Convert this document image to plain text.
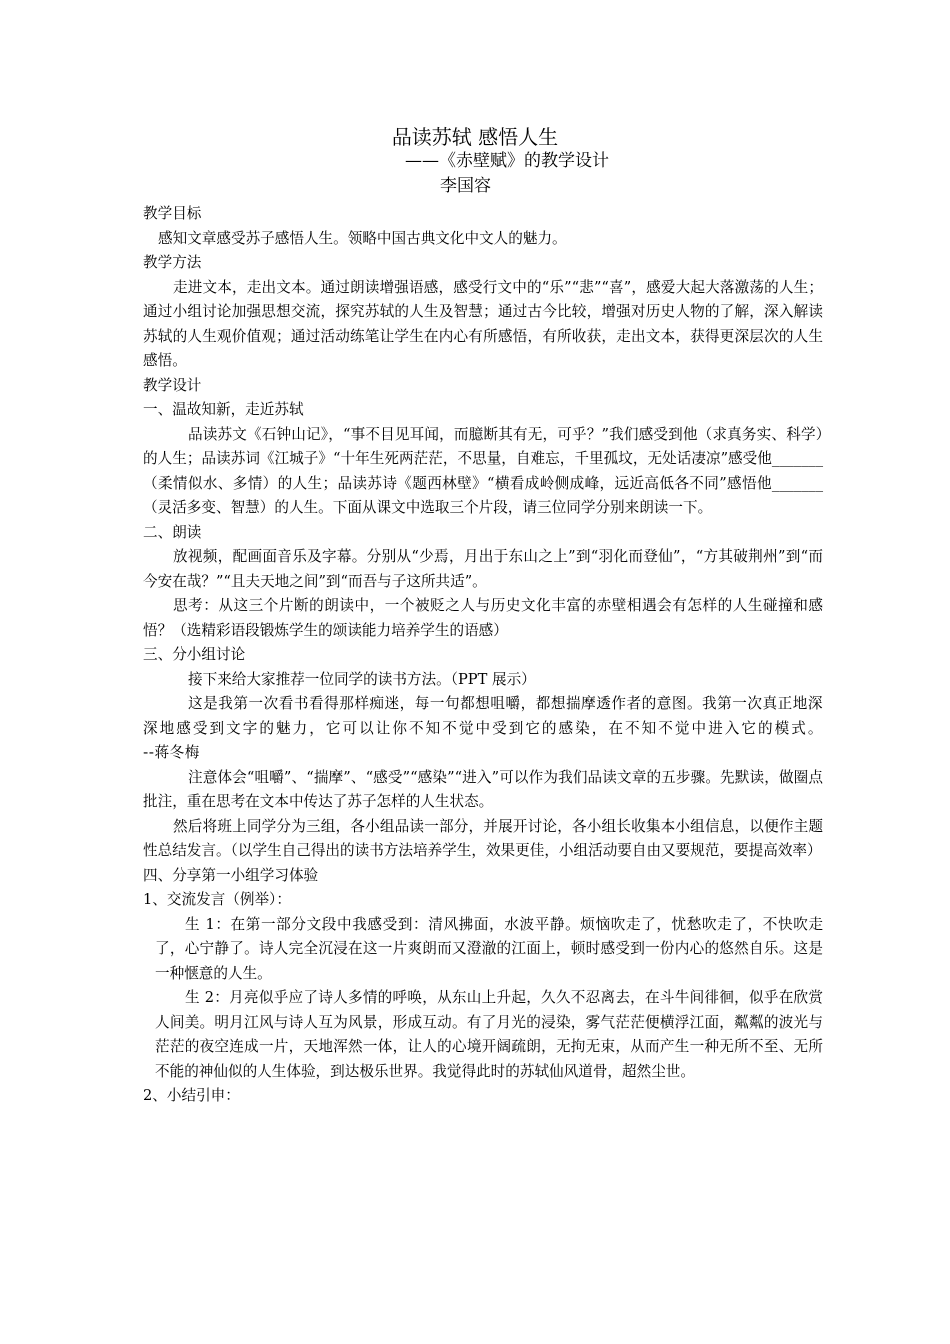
品读苏轼 感悟人生
——《赤壁赋》的教学设计
李国容

教学目标

感知文章感受苏子感悟人生。领略中国古典文化中文人的魅力。

教学方法

走进文本，走出文本。通过朗读增强语感，感受行文中的“乐”“悲”“喜”，感爱大起大落激荡的人生；通过小组讨论加强思想交流，探究苏轼的人生及智慧；通过古今比较，增强对历史人物的了解，深入解读苏轼的人生观价值观；通过活动练笔让学生在内心有所感悟，有所收获，走出文本，获得更深层次的人生感悟。

教学设计

一、温故知新，走近苏轼

品读苏文《石钟山记》，“事不目见耳闻，而臆断其有无，可乎？”我们感受到他（求真务实、科学）的人生；品读苏词《江城子》“十年生死两茫茫，不思量，自难忘，千里孤坟，无处话凄凉”感受他_______（柔情似水、多情）的人生；品读苏诗《题西林壁》“横看成岭侧成峰，远近高低各不同”感悟他_______（灵活多变、智慧）的人生。下面从课文中选取三个片段，请三位同学分别来朗读一下。

二、朗读

放视频，配画面音乐及字幕。分别从“少焉，月出于东山之上”到“羽化而登仙”，“方其破荆州”到“而今安在哉？”“且夫天地之间”到“而吾与子这所共适”。

思考：从这三个片断的朗读中，一个被贬之人与历史文化丰富的赤壁相遇会有怎样的人生碰撞和感悟？（选精彩语段锻炼学生的颂读能力培养学生的语感）

三、分小组讨论

接下来给大家推荐一位同学的读书方法。（PPT 展示）

这是我第一次看书看得那样痴迷，每一句都想咀嚼，都想揣摩透作者的意图。我第一次真正地深深地感受到文字的魅力，它可以让你不知不觉中受到它的感染，在不知不觉中进入它的模式。                  --蒋冬梅

注意体会“咀嚼”、“揣摩”、“感受”“感染”“进入”可以作为我们品读文章的五步骤。先默读，做圈点批注，重在思考在文本中传达了苏子怎样的人生状态。

然后将班上同学分为三组，各小组品读一部分，并展开讨论，各小组长收集本小组信息，以便作主题性总结发言。（以学生自己得出的读书方法培养学生，效果更佳，小组活动要自由又要规范，要提高效率）

四、分享第一小组学习体验

1、交流发言（例举）：

生 1：在第一部分文段中我感受到：清风拂面，水波平静。烦恼吹走了，忧愁吹走了，不快吹走了，心宁静了。诗人完全沉浸在这一片爽朗而又澄澈的江面上，顿时感受到一份内心的悠然自乐。这是一种惬意的人生。

生 2：月亮似乎应了诗人多情的呼唤，从东山上升起，久久不忍离去，在斗牛间徘徊，似乎在欣赏人间美。明月江风与诗人互为风景，形成互动。有了月光的浸染，雾气茫茫便横浮江面，粼粼的波光与茫茫的夜空连成一片，天地浑然一体，让人的心境开阔疏朗，无拘无束，从而产生一种无所不至、无所不能的神仙似的人生体验，到达极乐世界。我觉得此时的苏轼仙风道骨，超然尘世。

2、小结引申：
